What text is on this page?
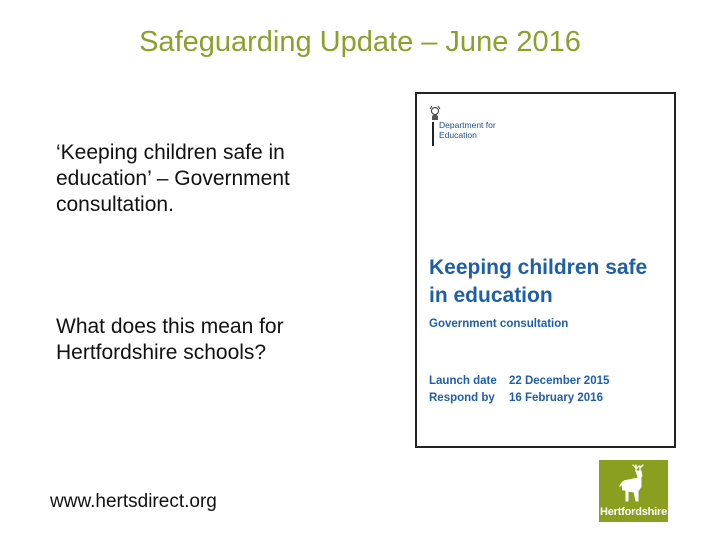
Safeguarding Update – June 2016
‘Keeping children safe in education’ – Government consultation.
What does this mean for Hertfordshire schools?
www.hertsdirect.org
Department for Education
Keeping children safe in education
Government consultation
Launch date 22 December 2015
Respond by 16 February 2016
Hertfordshire
